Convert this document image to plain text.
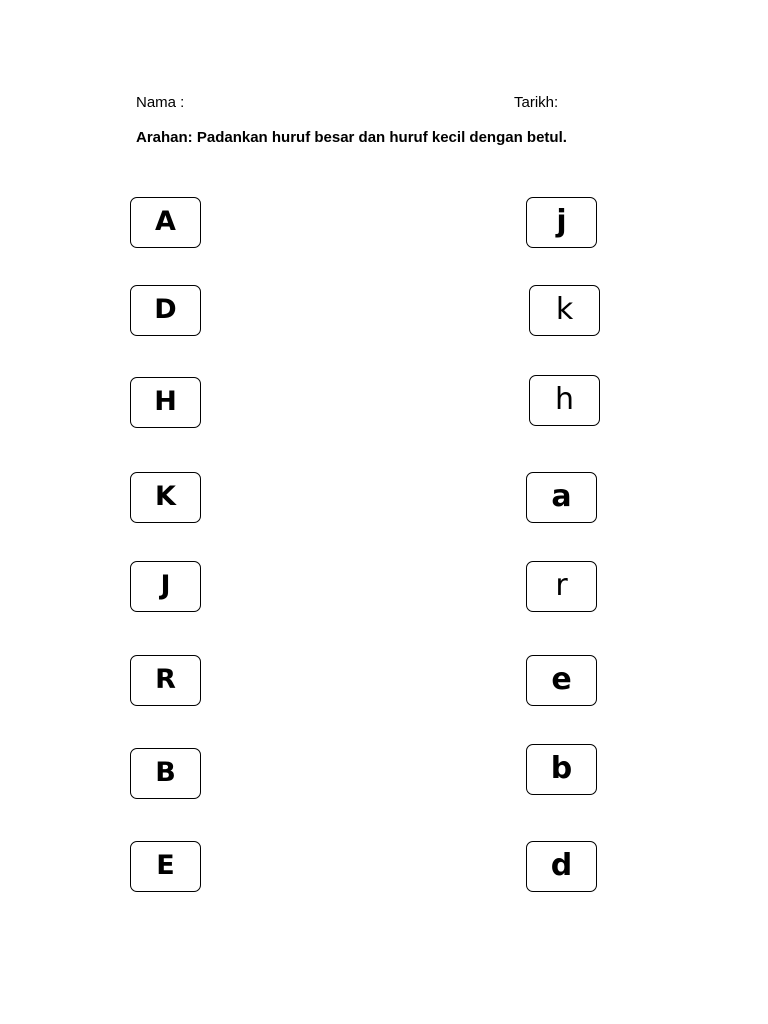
Nama :	Tarikh:
Arahan: Padankan huruf besar dan huruf kecil dengan betul.
A
D
H
K
J
R
B
E
j
k
h
a
r
e
b
d
